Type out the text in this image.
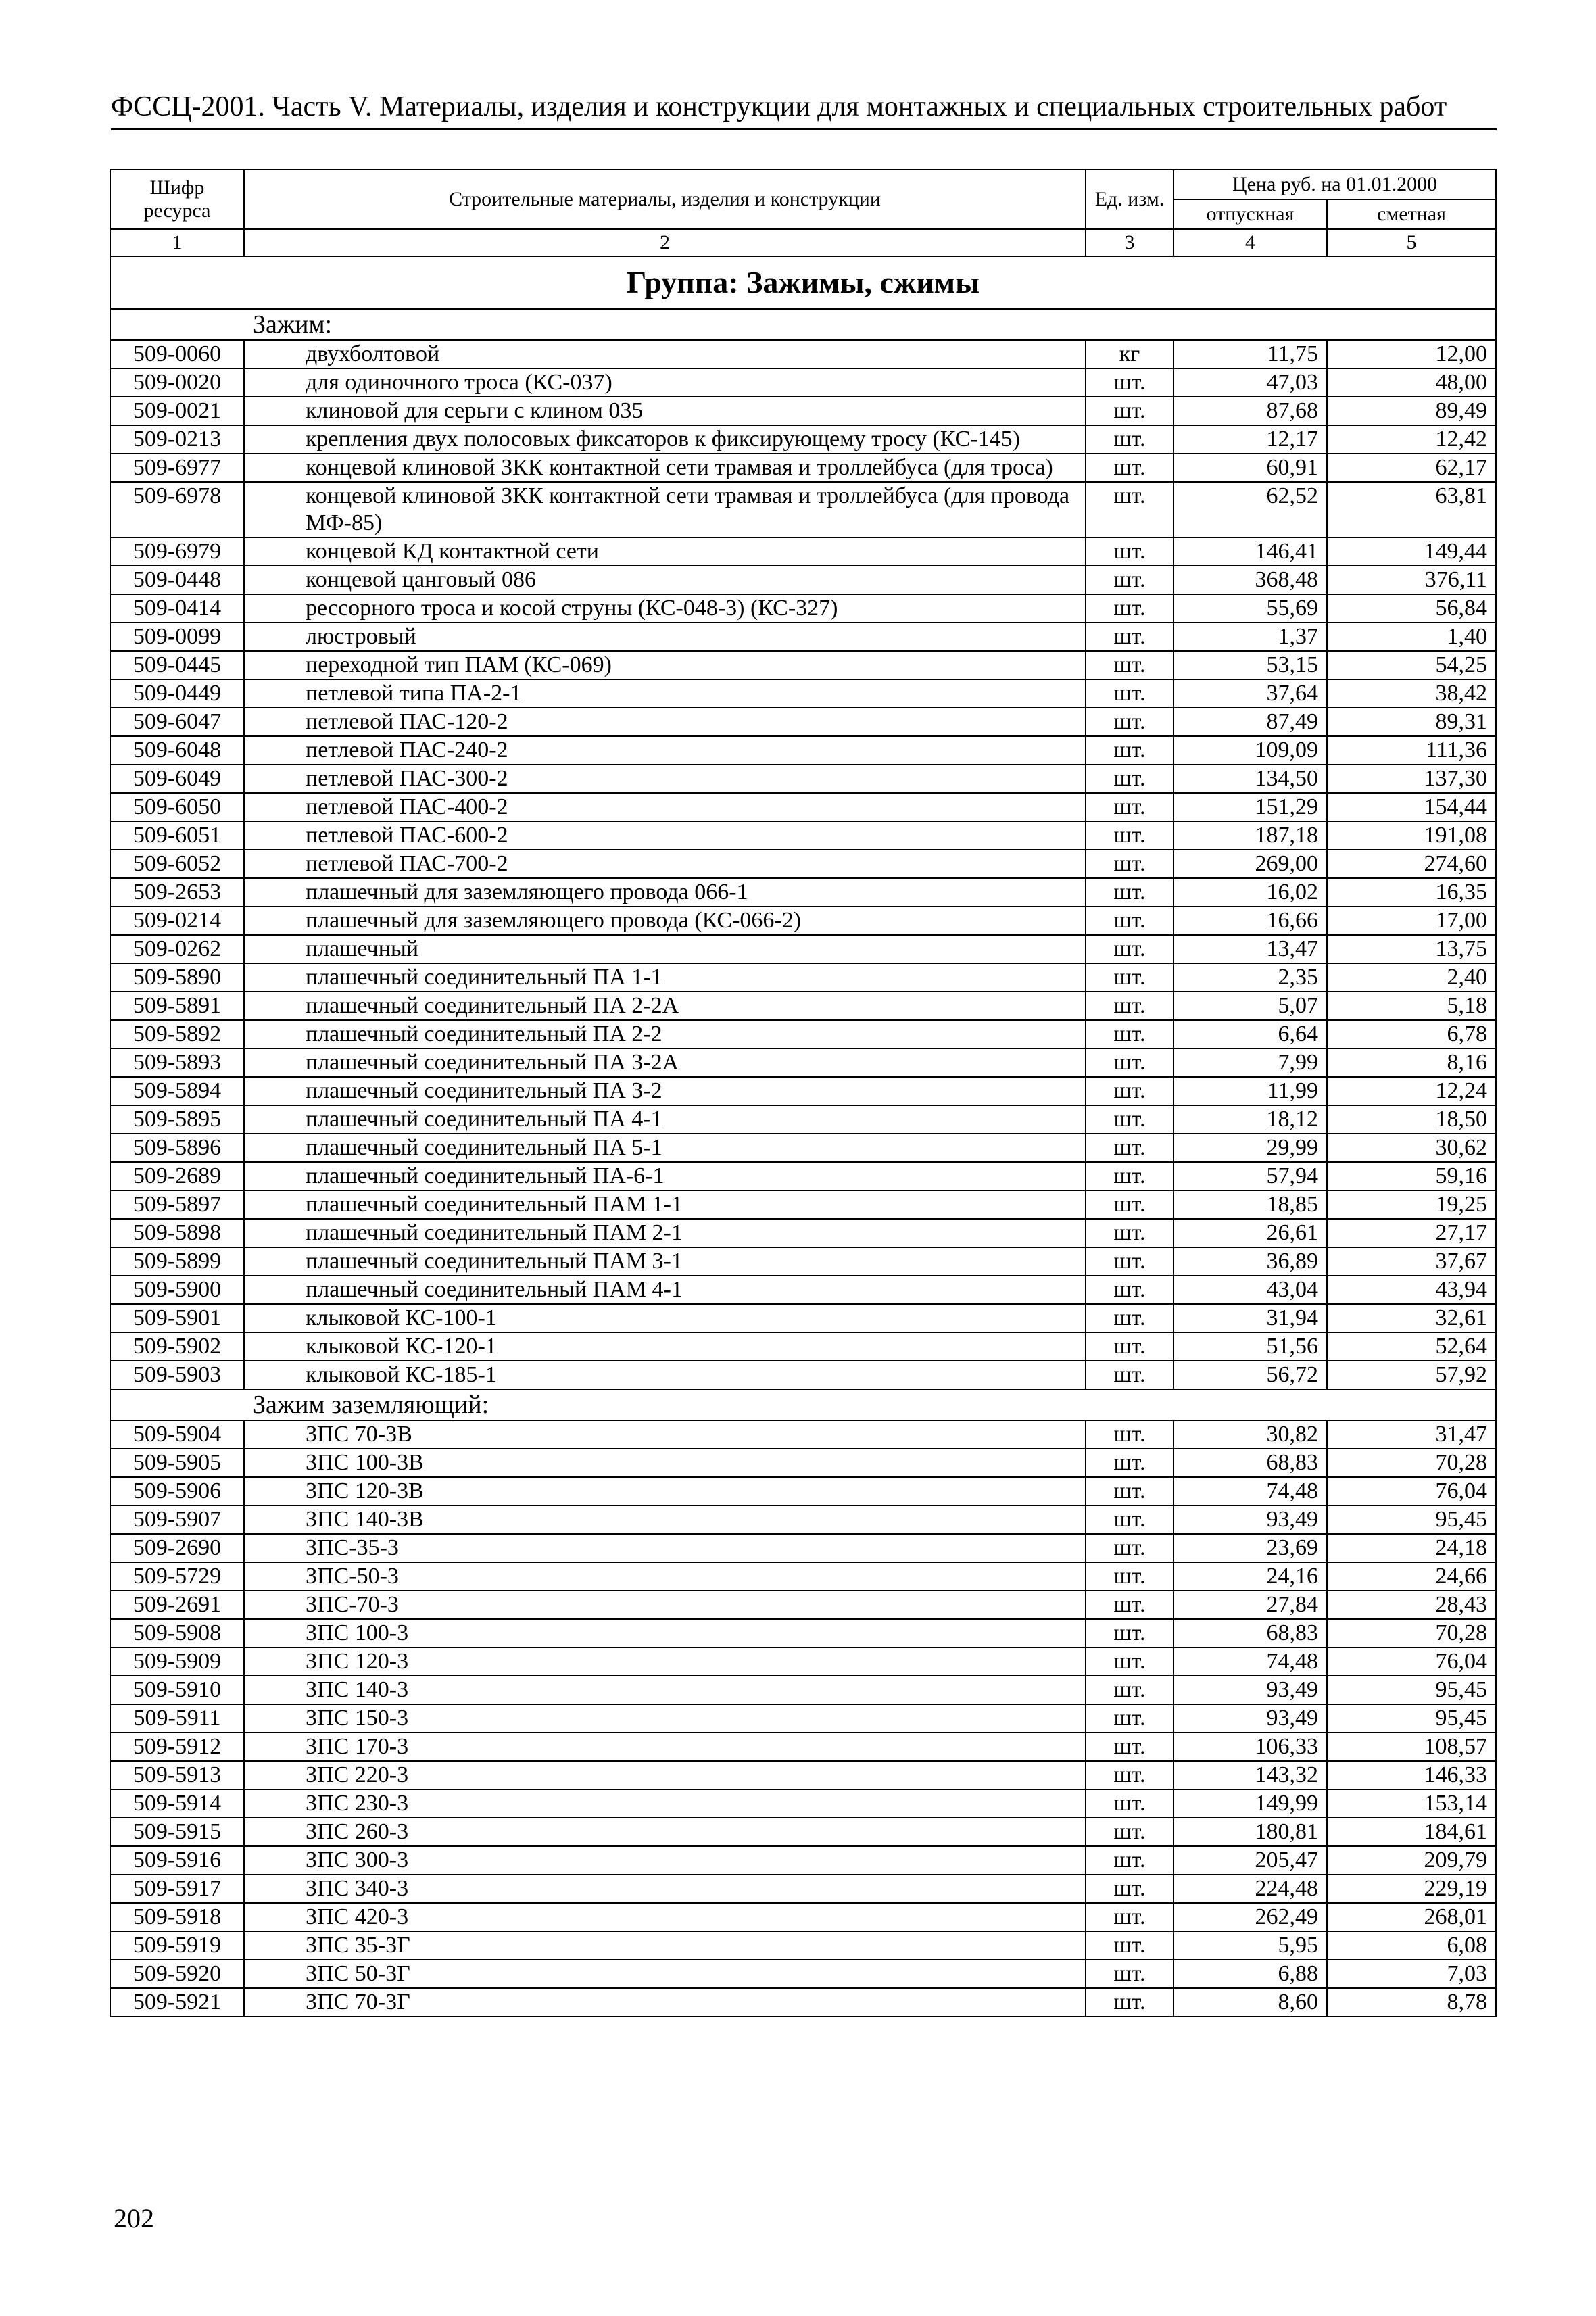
ФССЦ-2001. Часть V. Материалы, изделия и конструкции для монтажных и специальных строительных работ
Шифр ресурса	Строительные материалы, изделия и конструкции	Ед. изм.	Цена руб. на 01.01.2000	
			отпускная	сметная
1	2	3	4	5
Группа: Зажимы, сжимы				
Зажим:				
509-0060	двухболтовой	кг	11,75	12,00
509-0020	для одиночного троса (КС-037)	шт.	47,03	48,00
509-0021	клиновой для серьги с клином 035	шт.	87,68	89,49
509-0213	крепления двух полосовых фиксаторов к фиксирующему тросу (КС-145)	шт.	12,17	12,42
509-6977	концевой клиновой ЗКК контактной сети трамвая и троллейбуса (для троса)	шт.	60,91	62,17
509-6978	концевой клиновой ЗКК контактной сети трамвая и троллейбуса (для провода МФ-85)	шт.	62,52	63,81
509-6979	концевой КД контактной сети	шт.	146,41	149,44
509-0448	концевой цанговый 086	шт.	368,48	376,11
509-0414	рессорного троса и косой струны (КС-048-3) (КС-327)	шт.	55,69	56,84
509-0099	люстровый	шт.	1,37	1,40
509-0445	переходной тип ПАМ (КС-069)	шт.	53,15	54,25
509-0449	петлевой типа ПА-2-1	шт.	37,64	38,42
509-6047	петлевой ПАС-120-2	шт.	87,49	89,31
509-6048	петлевой ПАС-240-2	шт.	109,09	111,36
509-6049	петлевой ПАС-300-2	шт.	134,50	137,30
509-6050	петлевой ПАС-400-2	шт.	151,29	154,44
509-6051	петлевой ПАС-600-2	шт.	187,18	191,08
509-6052	петлевой ПАС-700-2	шт.	269,00	274,60
509-2653	плашечный для заземляющего провода 066-1	шт.	16,02	16,35
509-0214	плашечный для заземляющего провода (КС-066-2)	шт.	16,66	17,00
509-0262	плашечный	шт.	13,47	13,75
509-5890	плашечный соединительный ПА 1-1	шт.	2,35	2,40
509-5891	плашечный соединительный ПА 2-2А	шт.	5,07	5,18
509-5892	плашечный соединительный ПА 2-2	шт.	6,64	6,78
509-5893	плашечный соединительный ПА 3-2А	шт.	7,99	8,16
509-5894	плашечный соединительный ПА 3-2	шт.	11,99	12,24
509-5895	плашечный соединительный ПА 4-1	шт.	18,12	18,50
509-5896	плашечный соединительный ПА 5-1	шт.	29,99	30,62
509-2689	плашечный соединительный ПА-6-1	шт.	57,94	59,16
509-5897	плашечный соединительный ПАМ 1-1	шт.	18,85	19,25
509-5898	плашечный соединительный ПАМ 2-1	шт.	26,61	27,17
509-5899	плашечный соединительный ПАМ 3-1	шт.	36,89	37,67
509-5900	плашечный соединительный ПАМ 4-1	шт.	43,04	43,94
509-5901	клыковой КС-100-1	шт.	31,94	32,61
509-5902	клыковой КС-120-1	шт.	51,56	52,64
509-5903	клыковой КС-185-1	шт.	56,72	57,92
Зажим заземляющий:				
509-5904	ЗПС 70-3В	шт.	30,82	31,47
509-5905	ЗПС 100-3В	шт.	68,83	70,28
509-5906	ЗПС 120-3В	шт.	74,48	76,04
509-5907	ЗПС 140-3В	шт.	93,49	95,45
509-2690	ЗПС-35-3	шт.	23,69	24,18
509-5729	ЗПС-50-3	шт.	24,16	24,66
509-2691	ЗПС-70-3	шт.	27,84	28,43
509-5908	ЗПС 100-3	шт.	68,83	70,28
509-5909	ЗПС 120-3	шт.	74,48	76,04
509-5910	ЗПС 140-3	шт.	93,49	95,45
509-5911	ЗПС 150-3	шт.	93,49	95,45
509-5912	ЗПС 170-3	шт.	106,33	108,57
509-5913	ЗПС 220-3	шт.	143,32	146,33
509-5914	ЗПС 230-3	шт.	149,99	153,14
509-5915	ЗПС 260-3	шт.	180,81	184,61
509-5916	ЗПС 300-3	шт.	205,47	209,79
509-5917	ЗПС 340-3	шт.	224,48	229,19
509-5918	ЗПС 420-3	шт.	262,49	268,01
509-5919	ЗПС 35-3Г	шт.	5,95	6,08
509-5920	ЗПС 50-3Г	шт.	6,88	7,03
509-5921	ЗПС 70-3Г	шт.	8,60	8,78
202
